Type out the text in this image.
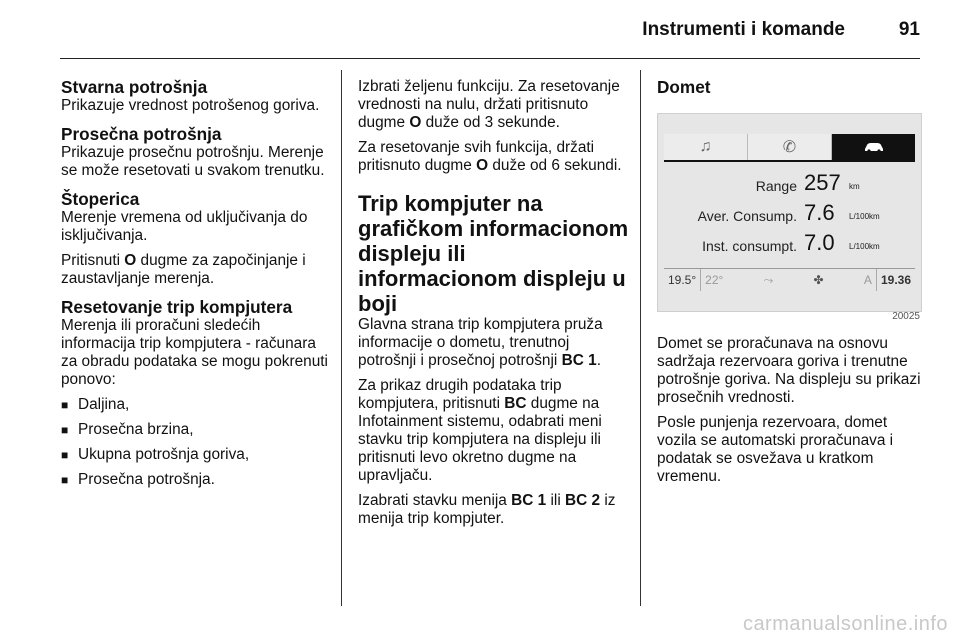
Instrumenti i komande	91
Stvarna potrošnja

Prikazuje vrednost potrošenog goriva.

Prosečna potrošnja

Prikazuje prosečnu potrošnju. Merenje se može resetovati u svakom trenutku.

Štoperica

Merenje vremena od uključivanja do isključivanja.

Pritisnuti O dugme za započinjanje i zaustavljanje merenja.

Resetovanje trip kompjutera

Merenja ili proračuni sledećih informacija trip kompjutera - računara za obradu podataka se mogu pokrenuti ponovo:

■ Daljina,
■ Prosečna brzina,
■ Ukupna potrošnja goriva,
■ Prosečna potrošnja.

Izbrati željenu funkciju. Za resetovanje vrednosti na nulu, držati pritisnuto dugme O duže od 3 sekunde.

Za resetovanje svih funkcija, držati pritisnuto dugme O duže od 6 sekundi.

Trip kompjuter na grafičkom informacionom displeju ili informacionom displeju u boji

Glavna strana trip kompjutera pruža informacije o dometu, trenutnoj potrošnji i prosečnoj potrošnji BC 1.

Za prikaz drugih podataka trip kompjutera, pritisnuti BC dugme na Infotainment sistemu, odabrati meni stavku trip kompjutera na displeju ili pritisnuti levo okretno dugme na upravljaču.

Izabrati stavku menija BC 1 ili BC 2 iz menija trip kompjuter.

Domet
♫	✆
Range 257 km
Aver. Consump. 7.6 L/100km
Inst. consumpt. 7.0 L/100km
19.5° 22°	⤳	✤	A 19.36
20025

Domet se proračunava na osnovu sadržaja rezervoara goriva i trenutne potrošnje goriva. Na displeju su prikazi prosečnih vrednosti.

Posle punjenja rezervoara, domet vozila se automatski proračunava i podatak se osvežava u kratkom vremenu.

carmanualsonline.info
